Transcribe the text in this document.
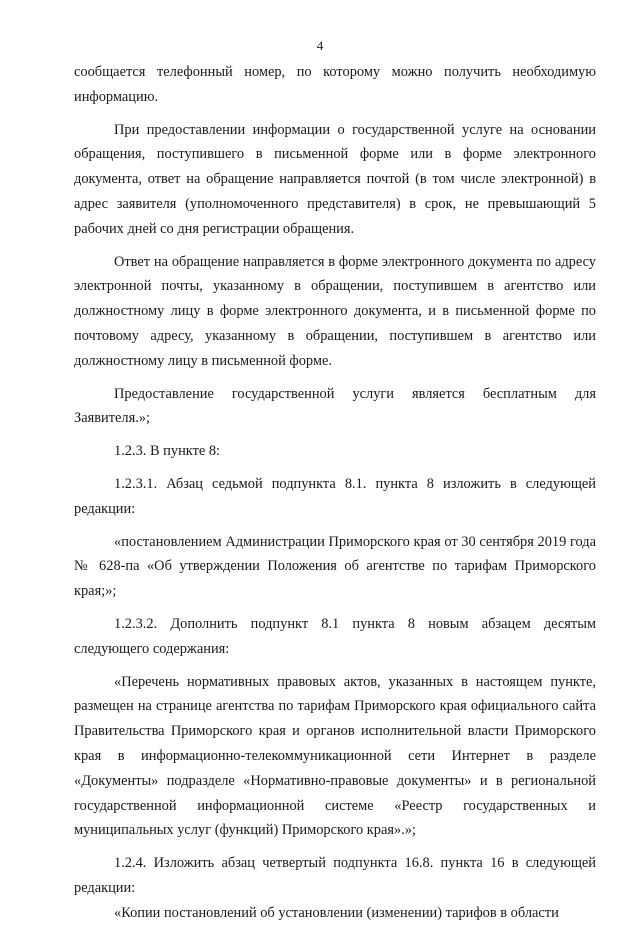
4

сообщается телефонный номер, по которому можно получить необходимую информацию.

При предоставлении информации о государственной услуге на основании обращения, поступившего в письменной форме или в форме электронного документа, ответ на обращение направляется почтой (в том числе электронной) в адрес заявителя (уполномоченного представителя) в срок, не превышающий 5 рабочих дней со дня регистрации обращения.

Ответ на обращение направляется в форме электронного документа по адресу электронной почты, указанному в обращении, поступившем в агентство или должностному лицу в форме электронного документа, и в письменной форме по почтовому адресу, указанному в обращении, поступившем в агентство или должностному лицу в письменной форме.

Предоставление государственной услуги является бесплатным для Заявителя.»;

1.2.3. В пункте 8:

1.2.3.1. Абзац седьмой подпункта 8.1. пункта 8 изложить в следующей редакции:

«постановлением Администрации Приморского края от 30 сентября 2019 года № 628-па «Об утверждении Положения об агентстве по тарифам Приморского края;»;

1.2.3.2. Дополнить подпункт 8.1 пункта 8 новым абзацем десятым следующего содержания:

«Перечень нормативных правовых актов, указанных в настоящем пункте, размещен на странице агентства по тарифам Приморского края официального сайта Правительства Приморского края и органов исполнительной власти Приморского края в информационно-телекоммуникационной сети Интернет в разделе «Документы» подразделе «Нормативно-правовые документы» и в региональной государственной информационной системе «Реестр государственных и муниципальных услуг (функций) Приморского края».»;

1.2.4. Изложить абзац четвертый подпункта 16.8. пункта 16 в следующей редакции:

«Копии постановлений об установлении (изменении) тарифов в области
